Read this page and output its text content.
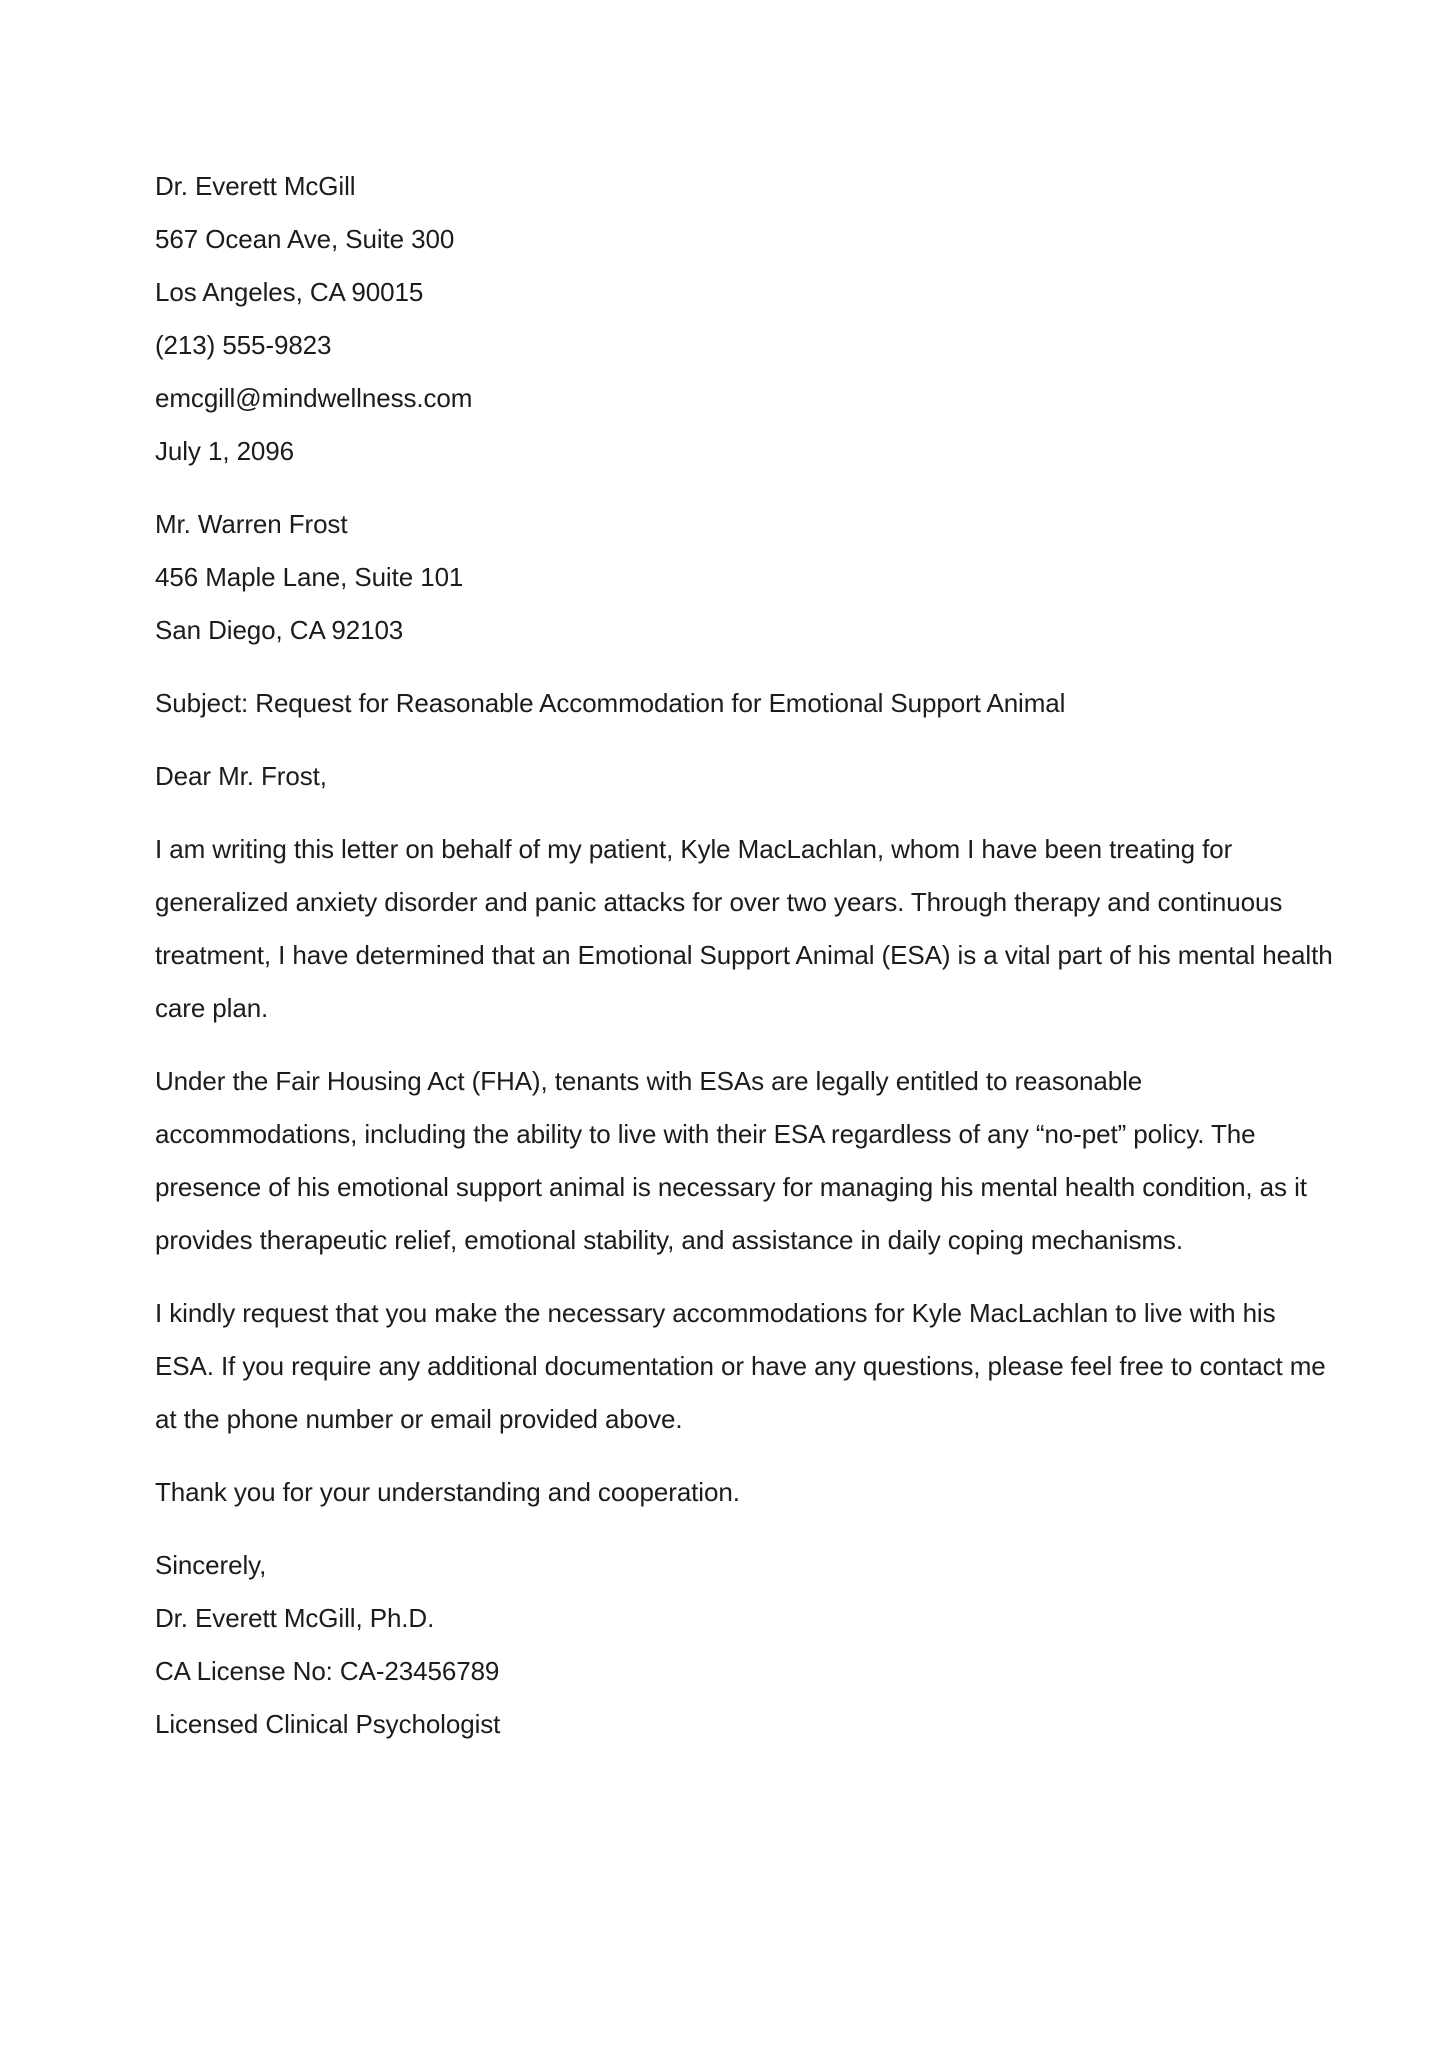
Dr. Everett McGill

567 Ocean Ave, Suite 300

Los Angeles, CA 90015

(213) 555-9823

emcgill@mindwellness.com

July 1, 2096

Mr. Warren Frost

456 Maple Lane, Suite 101

San Diego, CA 92103

Subject: Request for Reasonable Accommodation for Emotional Support Animal

Dear Mr. Frost,

I am writing this letter on behalf of my patient, Kyle MacLachlan, whom I have been treating for generalized anxiety disorder and panic attacks for over two years. Through therapy and continuous treatment, I have determined that an Emotional Support Animal (ESA) is a vital part of his mental health care plan.

Under the Fair Housing Act (FHA), tenants with ESAs are legally entitled to reasonable accommodations, including the ability to live with their ESA regardless of any “no-pet” policy. The presence of his emotional support animal is necessary for managing his mental health condition, as it provides therapeutic relief, emotional stability, and assistance in daily coping mechanisms.

I kindly request that you make the necessary accommodations for Kyle MacLachlan to live with his ESA. If you require any additional documentation or have any questions, please feel free to contact me at the phone number or email provided above.

Thank you for your understanding and cooperation.

Sincerely,

Dr. Everett McGill, Ph.D.

CA License No: CA-23456789

Licensed Clinical Psychologist
